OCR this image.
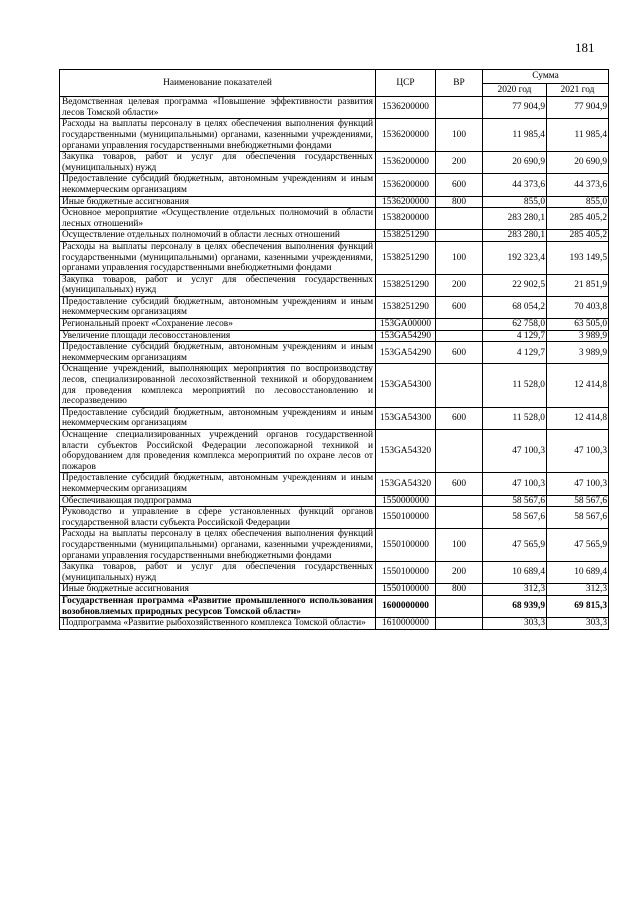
181
Наименование показателей	ЦСР	ВР	Сумма	
			2020 год	2021 год
Ведомственная целевая программа «Повышение эффективности развития лесов Томской области»	1536200000		77 904,9	77 904,9
Расходы на выплаты персоналу в целях обеспечения выполнения функций государственными (муниципальными) органами, казенными учреждениями, органами управления государственными внебюджетными фондами	1536200000	100	11 985,4	11 985,4
Закупка товаров, работ и услуг для обеспечения государственных (муниципальных) нужд	1536200000	200	20 690,9	20 690,9
Предоставление субсидий бюджетным, автономным учреждениям и иным некоммерческим организациям	1536200000	600	44 373,6	44 373,6
Иные бюджетные ассигнования	1536200000	800	855,0	855,0
Основное мероприятие «Осуществление отдельных полномочий в области лесных отношений»	1538200000		283 280,1	285 405,2
Осуществление отдельных полномочий в области лесных отношений	1538251290		283 280,1	285 405,2
Расходы на выплаты персоналу в целях обеспечения выполнения функций государственными (муниципальными) органами, казенными учреждениями, органами управления государственными внебюджетными фондами	1538251290	100	192 323,4	193 149,5
Закупка товаров, работ и услуг для обеспечения государственных (муниципальных) нужд	1538251290	200	22 902,5	21 851,9
Предоставление субсидий бюджетным, автономным учреждениям и иным некоммерческим организациям	1538251290	600	68 054,2	70 403,8
Региональный проект «Сохранение лесов»	153GA00000		62 758,0	63 505,0
Увеличение площади лесовосстановления	153GA54290		4 129,7	3 989,9
Предоставление субсидий бюджетным, автономным учреждениям и иным некоммерческим организациям	153GA54290	600	4 129,7	3 989,9
Оснащение учреждений, выполняющих мероприятия по воспроизводству лесов, специализированной лесохозяйственной техникой и оборудованием для проведения комплекса мероприятий по лесовосстановлению и лесоразведению	153GA54300		11 528,0	12 414,8
Предоставление субсидий бюджетным, автономным учреждениям и иным некоммерческим организациям	153GA54300	600	11 528,0	12 414,8
Оснащение специализированных учреждений органов государственной власти субъектов Российской Федерации лесопожарной техникой и оборудованием для проведения комплекса мероприятий по охране лесов от пожаров	153GA54320		47 100,3	47 100,3
Предоставление субсидий бюджетным, автономным учреждениям и иным некоммерческим организациям	153GA54320	600	47 100,3	47 100,3
Обеспечивающая подпрограмма	1550000000		58 567,6	58 567,6
Руководство и управление в сфере установленных функций органов государственной власти субъекта Российской Федерации	1550100000		58 567,6	58 567,6
Расходы на выплаты персоналу в целях обеспечения выполнения функций государственными (муниципальными) органами, казенными учреждениями, органами управления государственными внебюджетными фондами	1550100000	100	47 565,9	47 565,9
Закупка товаров, работ и услуг для обеспечения государственных (муниципальных) нужд	1550100000	200	10 689,4	10 689,4
Иные бюджетные ассигнования	1550100000	800	312,3	312,3
Государственная программа «Развитие промышленного использования возобновляемых природных ресурсов Томской области»	1600000000		68 939,9	69 815,3
Подпрограмма «Развитие рыбохозяйственного комплекса Томской области»	1610000000		303,3	303,3
